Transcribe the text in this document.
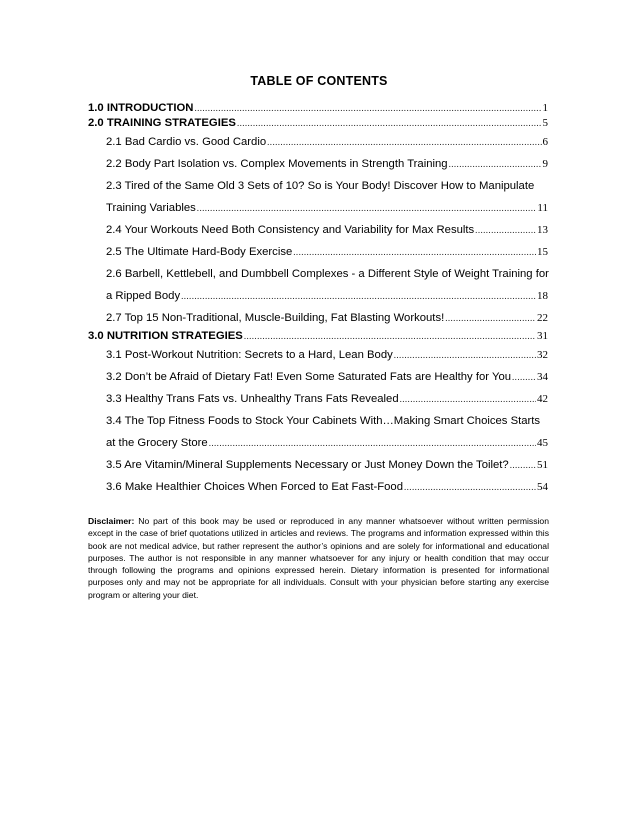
TABLE OF CONTENTS
1.0 INTRODUCTION .....	1
2.0 TRAINING STRATEGIES .....	5
2.1 Bad Cardio vs. Good Cardio .....	6
2.2 Body Part Isolation vs. Complex Movements in Strength Training .....	9
2.3 Tired of the Same Old 3 Sets of 10? So is Your Body! Discover How to Manipulate
Training Variables .....	11
2.4 Your Workouts Need Both Consistency and Variability for Max Results .....	13
2.5 The Ultimate Hard-Body Exercise .....	15
2.6 Barbell, Kettlebell, and Dumbbell Complexes - a Different Style of Weight Training for
a Ripped Body .....	18
2.7 Top 15 Non-Traditional, Muscle-Building, Fat Blasting Workouts! .....	22
3.0 NUTRITION STRATEGIES .....	31
3.1 Post-Workout Nutrition: Secrets to a Hard, Lean Body .....	32
3.2 Don’t be Afraid of Dietary Fat! Even Some Saturated Fats are Healthy for You ..... 34
3.3 Healthy Trans Fats vs. Unhealthy Trans Fats Revealed .....	42
3.4 The Top Fitness Foods to Stock Your Cabinets With…Making Smart Choices Starts
at the Grocery Store .....	45
3.5 Are Vitamin/Mineral Supplements Necessary or Just Money Down the Toilet? .....	51
3.6 Make Healthier Choices When Forced to Eat Fast-Food .....	54
Disclaimer: No part of this book may be used or reproduced in any manner whatsoever without written permission except in the case of brief quotations utilized in articles and reviews. The programs and information expressed within this book are not medical advice, but rather represent the author’s opinions and are solely for informational and educational purposes. The author is not responsible in any manner whatsoever for any injury or health condition that may occur through following the programs and opinions expressed herein. Dietary information is presented for informational purposes only and may not be appropriate for all individuals. Consult with your physician before starting any exercise program or altering your diet.
